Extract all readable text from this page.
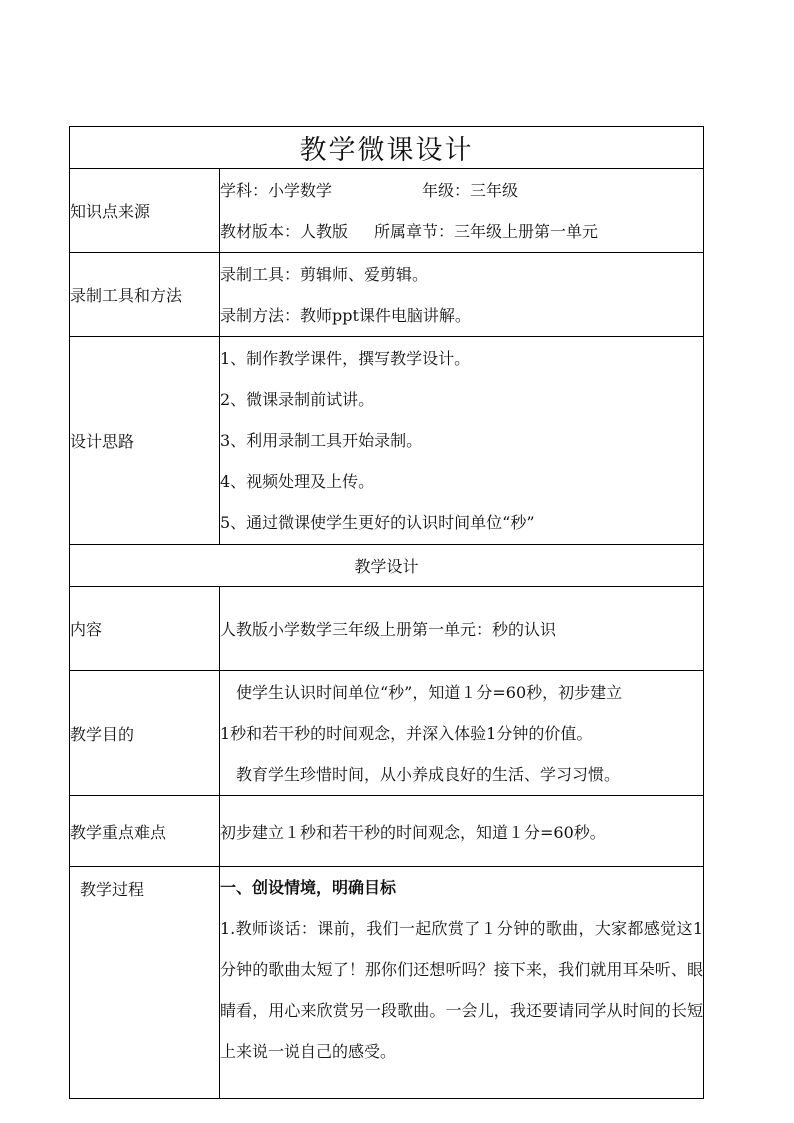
教学微课设计	
知识点来源	学科：小学数学 年级：三年级
教材版本：人教版 所属章节：三年级上册第一单元

录制工具和方法	录制工具：剪辑师、爱剪辑。
录制方法：教师ppt课件电脑讲解。

设计思路	1、制作教学课件，撰写教学设计。
2、微课录制前试讲。
3、利用录制工具开始录制。
4、视频处理及上传。
5、通过微课使学生更好的认识时间单位“秒”

教学设计	
内容	人教版小学数学三年级上册第一单元：秒的认识
教学目的	使学生认识时间单位“秒”，知道１分=60秒，初步建立
1秒和若干秒的时间观念，并深入体验1分钟的价值。
教育学生珍惜时间，从小养成良好的生活、学习习惯。

教学重点难点	初步建立１秒和若干秒的时间观念，知道１分=60秒。

教学过程	一、创设情境，明确目标
1.教师谈话：课前，我们一起欣赏了１分钟的歌曲，大家都感觉这1分钟的歌曲太短了！那你们还想听吗？接下来，我们就用耳朵听、眼睛看，用心来欣赏另一段歌曲。一会儿，我还要请同学从时间的长短上来说一说自己的感受。
